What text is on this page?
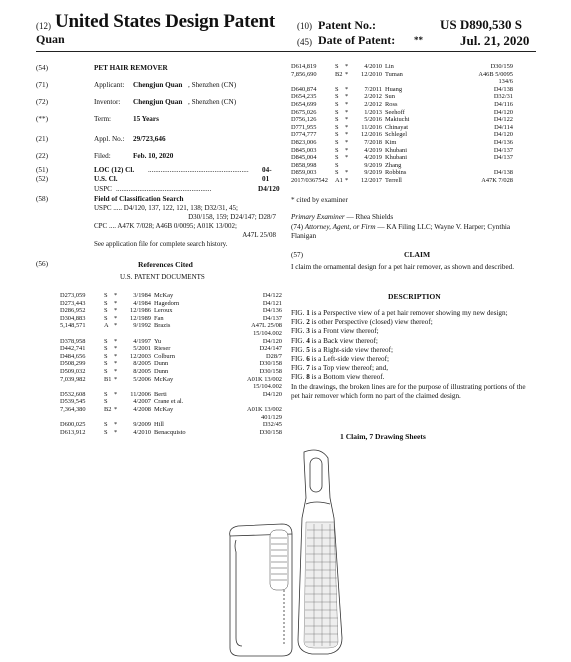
(12) United States Design Patent
Quan
(10) Patent No.:	US D890,530 S
(45) Date of Patent: **	Jul. 21, 2020
(54)	PET HAIR REMOVER
(71)	Applicant: Chengjun Quan , Shenzhen (CN)
(72)	Inventor: Chengjun Quan , Shenzhen (CN)
(**)	Term:	15 Years
(21)	Appl. No.: 29/723,646
(22)	Filed:	Feb. 10, 2020
(51)	LOC (12) Cl. ........................................................	04-01
(52)	U.S. Cl.
USPC .....................................................	D4/120
(58)	Field of Classification Search
USPC ..... D4/120, 137, 122, 121, 138; D32/31, 45;
D30/158, 159; D24/147; D28/7
CPC .... A47K 7/028; A46B 0/0095; A01K 13/002;
A47L 25/08
See application file for complete search history.
(56)	References Cited
U.S. PATENT DOCUMENTS
D273,059	S	*	3/1984	McKay	D4/122
D273,443	S	*	4/1984	Hagedorn	D4/121
D286,952	S	*	12/1986	Leroux	D4/136
D304,883	S	*	12/1989	Fan	D4/137
5,148,571	A	*	9/1992	Brazis	A47L 25/08
					15/104.002
D378,958	S	*	4/1997	Yu	D4/120
D442,741	S	*	5/2001	Rieser	D24/147
D484,656	S	*	12/2003	Colburn	D28/7
D508,299	S	*	8/2005	Dunn	D30/158
D509,032	S	*	8/2005	Dunn	D30/158
7,039,982	B1	*	5/2006	McKay	A01K 13/002
					15/104.002
D532,608	S	*	11/2006	Berti	D4/120
D539,545	S		4/2007	Crane et al.	
7,364,380	B2	*	4/2008	McKay	A01K 13/002
					401/129
D600,025	S	*	9/2009	Hill	D32/45
D613,912	S	*	4/2010	Benacquisto	D30/158
D614,819	S	*	4/2010	Lin	D30/159
7,856,690	B2	*	12/2010	Tuman	A46B 5/0095
					134/6
D640,874	S	*	7/2011	Huang	D4/138
D654,235	S	*	2/2012	Sun	D32/31
D654,699	S	*	2/2012	Ross	D4/116
D675,026	S	*	1/2013	Seehoff	D4/120
D756,126	S	*	5/2016	Makiuchi	D4/122
D771,955	S	*	11/2016	Chinayat	D4/114
D774,777	S	*	12/2016	Schlegel	D4/120
D823,006	S	*	7/2018	Kim	D4/136
D845,003	S	*	4/2019	Khubani	D4/137
D845,004	S	*	4/2019	Khubani	D4/137
D858,998	S		9/2019	Zhang	
D859,003	S	*	9/2019	Robbins	D4/138
2017/0367542	A1	*	12/2017	Terrell	A47K 7/028
* cited by examiner
Primary Examiner — Rhea Shields
(74) Attorney, Agent, or Firm — KA Filing LLC; Wayne V. Harper; Cynthia Flanigan
(57)	CLAIM
I claim the ornamental design for a pet hair remover, as shown and described.
DESCRIPTION
FIG. 1 is a Perspective view of a pet hair remover showing my new design;
FIG. 2 is other Perspective (closed) view thereof;
FIG. 3 is a Front view thereof;
FIG. 4 is a Back view thereof;
FIG. 5 is a Right-side view thereof;
FIG. 6 is a Left-side view thereof;
FIG. 7 is a Top view thereof; and,
FIG. 8 is a Bottom view thereof.
In the drawings, the broken lines are for the purpose of illustrating portions of the pet hair remover which form no part of the claimed design.
1 Claim, 7 Drawing Sheets
